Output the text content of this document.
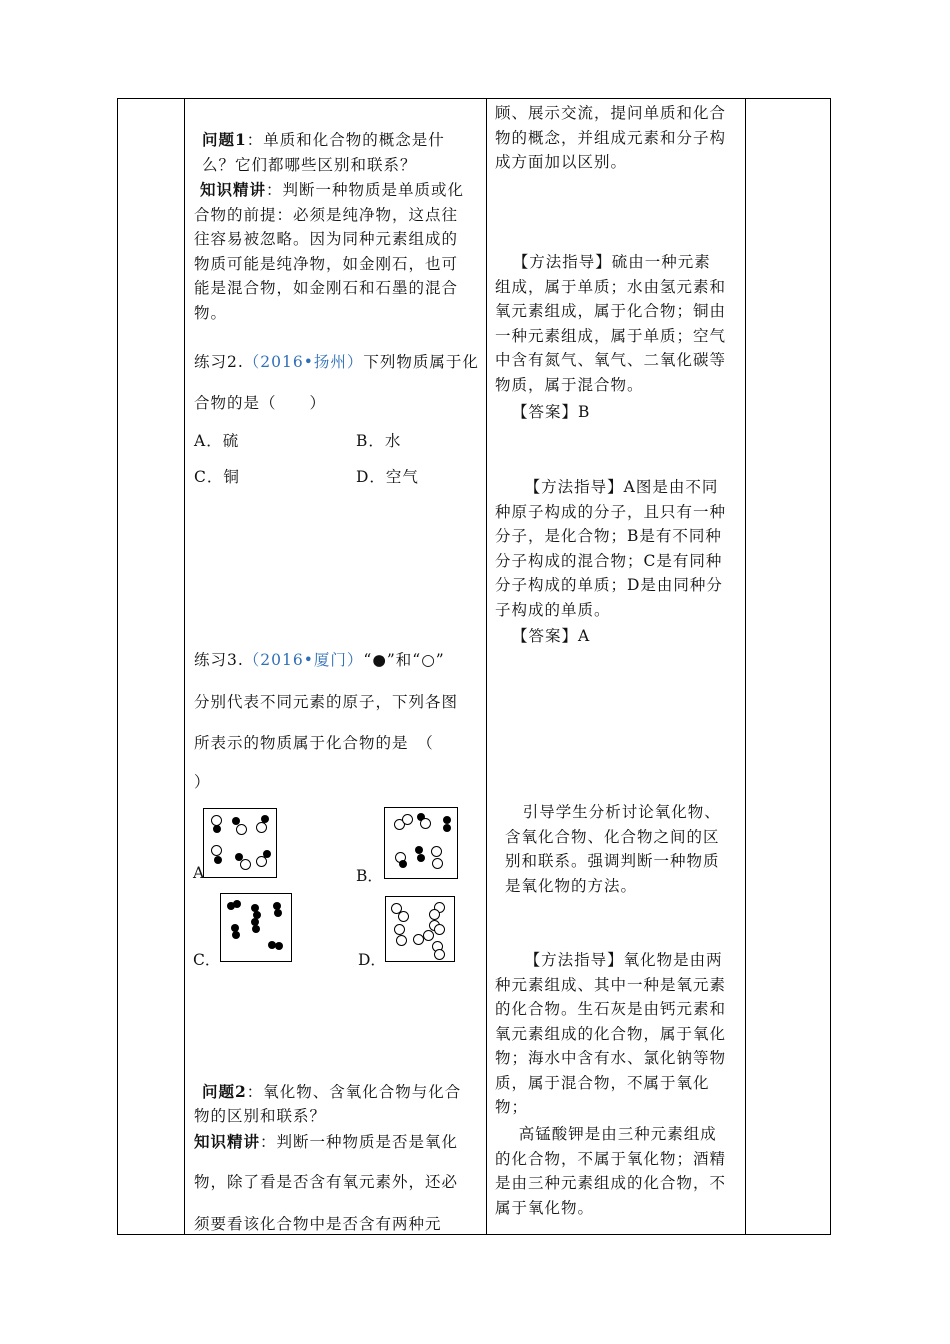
问题1：单质和化合物的概念是什
么？它们都哪些区别和联系？
知识精讲：判断一种物质是单质或化
合物的前提：必须是纯净物，这点往
往容易被忽略。因为同种元素组成的
物质可能是纯净物，如金刚石，也可
能是混合物，如金刚石和石墨的混合
物。
练习2.（2016•扬州）下列物质属于化
合物的是（　　）
A．硫	B．水
C．铜	D．空气
练习3.（2016•厦门）“●”和“○”
分别代表不同元素的原子，下列各图
所表示的物质属于化合物的是　（
）
A	B．
C．	D．
问题2：氧化物、含氧化合物与化合
物的区别和联系？
知识精讲：判断一种物质是否是氧化
物，除了看是否含有氧元素外，还必
须要看该化合物中是否含有两种元
顾、展示交流，提问单质和化合
物的概念，并组成元素和分子构
成方面加以区别。
【方法指导】硫由一种元素
组成，属于单质；水由氢元素和
氧元素组成，属于化合物；铜由
一种元素组成，属于单质；空气
中含有氮气、氧气、二氧化碳等
物质，属于混合物。
【答案】B
【方法指导】A图是由不同
种原子构成的分子，且只有一种
分子，是化合物；B是有不同种
分子构成的混合物；C是有同种
分子构成的单质；D是由同种分
子构成的单质。
【答案】A
引导学生分析讨论氧化物、
含氧化合物、化合物之间的区
别和联系。强调判断一种物质
是氧化物的方法。
【方法指导】氧化物是由两
种元素组成、其中一种是氧元素
的化合物。生石灰是由钙元素和
氧元素组成的化合物，属于氧化
物；海水中含有水、氯化钠等物
质，属于混合物，不属于氧化
物；
高锰酸钾是由三种元素组成
的化合物，不属于氧化物；酒精
是由三种元素组成的化合物，不
属于氧化物。
